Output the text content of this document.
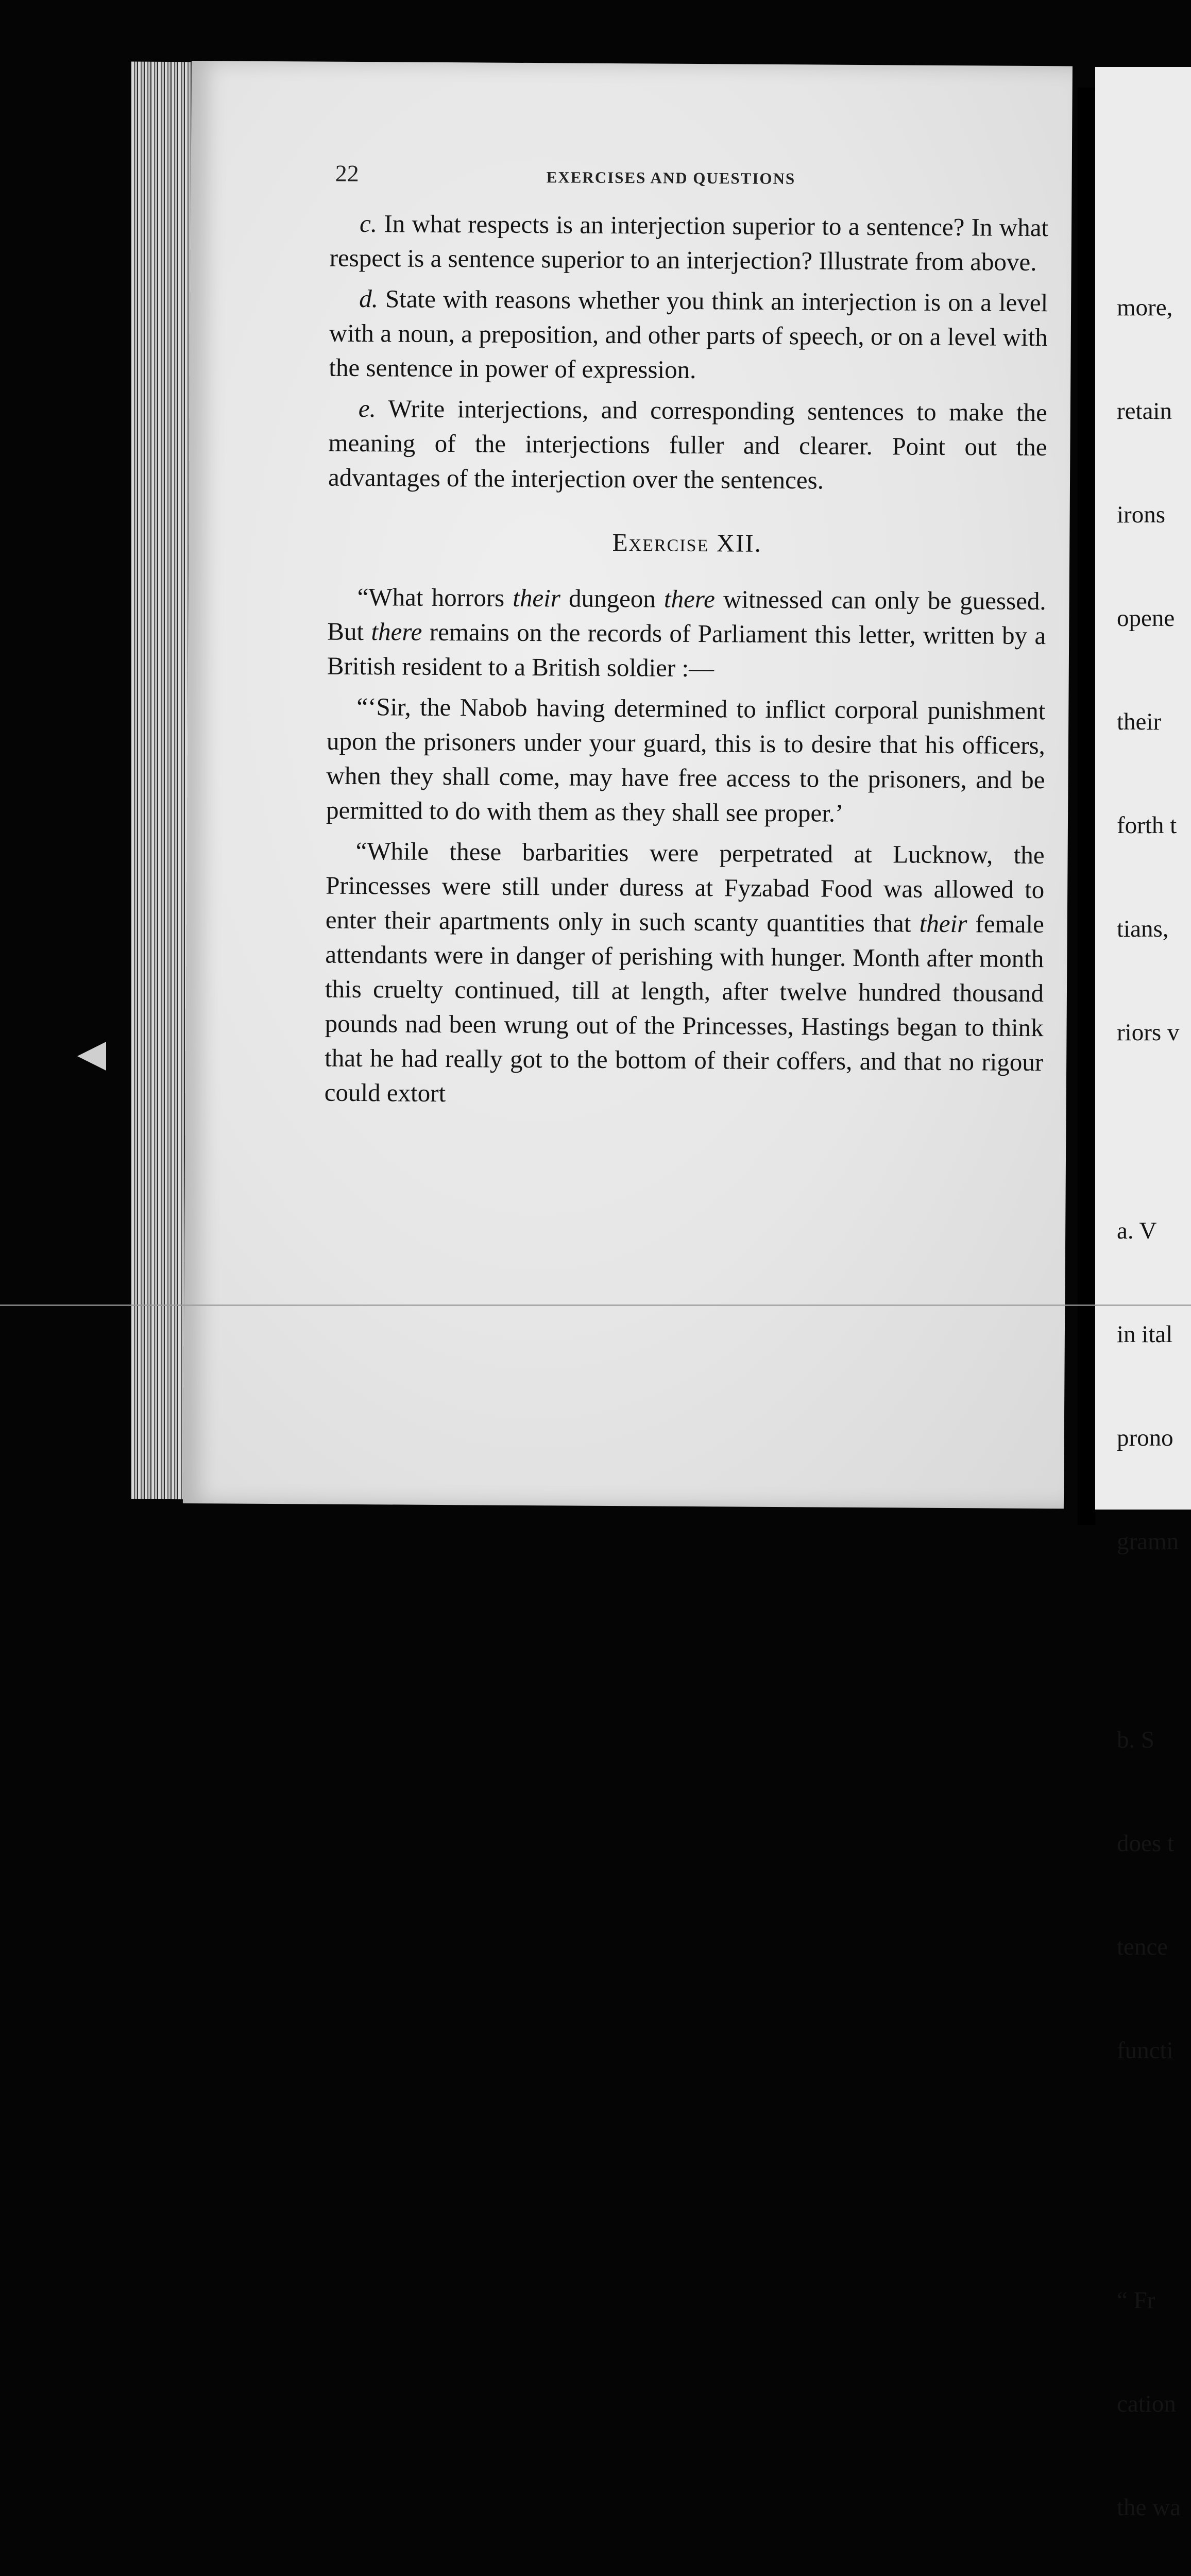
22	EXERCISES AND QUESTIONS

c. In what respects is an interjection superior to a sentence? In what respect is a sentence superior to an interjection? Illustrate from above.

d. State with reasons whether you think an interjection is on a level with a noun, a preposition, and other parts of speech, or on a level with the sentence in power of expression.

e. Write interjections, and corresponding sentences to make the meaning of the interjections fuller and clearer. Point out the advantages of the interjection over the sentences.

Exercise XII.

“What horrors their dungeon there witnessed can only be guessed. But there remains on the records of Parliament this letter, written by a British resident to a British soldier :—

“‘Sir, the Nabob having determined to inflict corporal punishment upon the prisoners under your guard, this is to desire that his officers, when they shall come, may have free access to the prisoners, and be permitted to do with them as they shall see proper.’

“While these barbarities were perpetrated at Lucknow, the Princesses were still under duress at Fyzabad Food was allowed to enter their apartments only in such scanty quantities that their female attendants were in danger of perishing with hunger. Month after month this cruelty continued, till at length, after twelve hundred thousand pounds nad been wrung out of the Princesses, Hastings began to think that he had really got to the bottom of their coffers, and that no rigour could extort

more,

retain

irons

opene

their

forth t

tians,

riors v

a. V

in ital

prono

gramn

b. S

does t

tence

functi

“ Fr

cation

the wa
